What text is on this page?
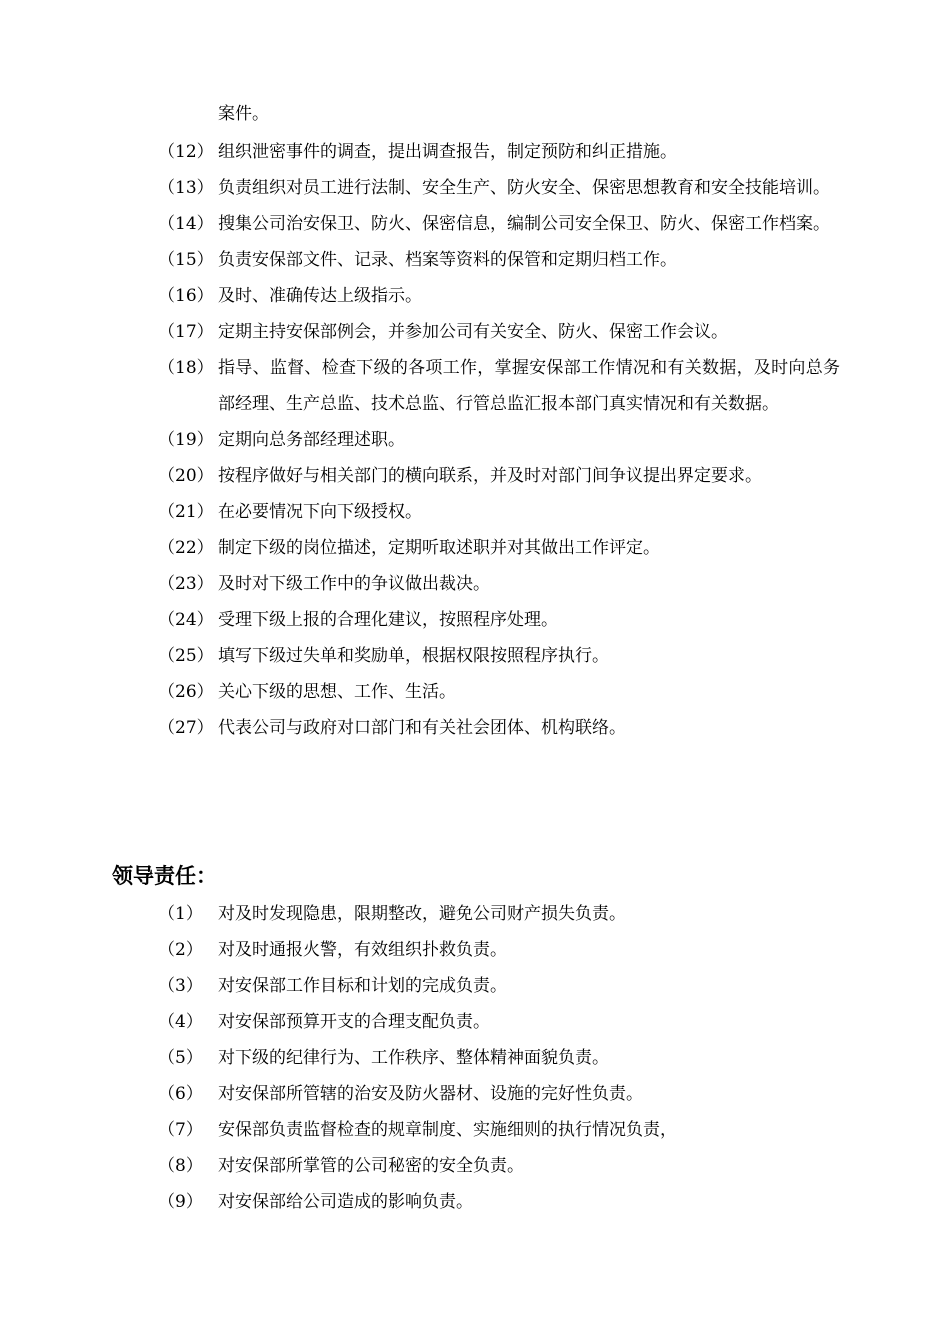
案件。

（12） 组织泄密事件的调查，提出调查报告，制定预防和纠正措施。
（13） 负责组织对员工进行法制、安全生产、防火安全、保密思想教育和安全技能培训。
（14） 搜集公司治安保卫、防火、保密信息，编制公司安全保卫、防火、保密工作档案。
（15） 负责安保部文件、记录、档案等资料的保管和定期归档工作。
（16） 及时、准确传达上级指示。
（17） 定期主持安保部例会，并参加公司有关安全、防火、保密工作会议。
（18） 指导、监督、检查下级的各项工作，掌握安保部工作情况和有关数据，及时向总务部经理、生产总监、技术总监、行管总监汇报本部门真实情况和有关数据。
（19） 定期向总务部经理述职。
（20） 按程序做好与相关部门的横向联系，并及时对部门间争议提出界定要求。
（21） 在必要情况下向下级授权。
（22） 制定下级的岗位描述，定期听取述职并对其做出工作评定。
（23） 及时对下级工作中的争议做出裁决。
（24） 受理下级上报的合理化建议，按照程序处理。
（25） 填写下级过失单和奖励单，根据权限按照程序执行。
（26） 关心下级的思想、工作、生活。
（27） 代表公司与政府对口部门和有关社会团体、机构联络。
领导责任：
（1） 对及时发现隐患，限期整改，避免公司财产损失负责。
（2） 对及时通报火警，有效组织扑救负责。
（3） 对安保部工作目标和计划的完成负责。
（4） 对安保部预算开支的合理支配负责。
（5） 对下级的纪律行为、工作秩序、整体精神面貌负责。
（6） 对安保部所管辖的治安及防火器材、设施的完好性负责。
（7） 安保部负责监督检查的规章制度、实施细则的执行情况负责，
（8） 对安保部所掌管的公司秘密的安全负责。
（9） 对安保部给公司造成的影响负责。
